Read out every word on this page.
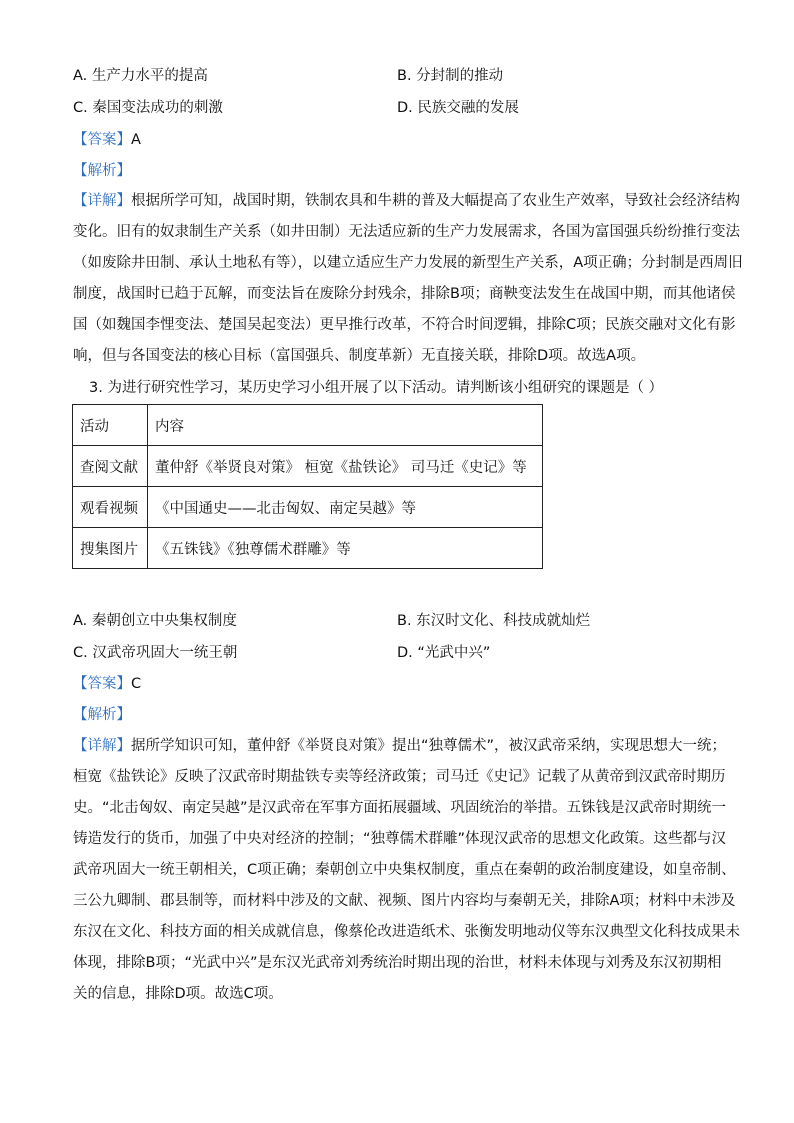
A. 生产力水平的提高	B. 分封制的推动
C. 秦国变法成功的刺激	D. 民族交融的发展
【答案】A
【解析】
【详解】根据所学可知，战国时期，铁制农具和牛耕的普及大幅提高了农业生产效率，导致社会经济结构
变化。旧有的奴隶制生产关系（如井田制）无法适应新的生产力发展需求，各国为富国强兵纷纷推行变法
（如废除井田制、承认土地私有等），以建立适应生产力发展的新型生产关系，A项正确；分封制是西周旧
制度，战国时已趋于瓦解，而变法旨在废除分封残余，排除B项；商鞅变法发生在战国中期，而其他诸侯
国（如魏国李悝变法、楚国吴起变法）更早推行改革，不符合时间逻辑，排除C项；民族交融对文化有影
响，但与各国变法的核心目标（富国强兵、制度革新）无直接关联，排除D项。故选A项。
3. 为进行研究性学习，某历史学习小组开展了以下活动。请判断该小组研究的课题是（ ）
活动	内容
查阅文献	董仲舒《举贤良对策》 桓宽《盐铁论》 司马迁《史记》等
观看视频	《中国通史——北击匈奴、南定吴越》等
搜集图片	《五铢钱》《独尊儒术群雕》等
A. 秦朝创立中央集权制度	B. 东汉时文化、科技成就灿烂
C. 汉武帝巩固大一统王朝	D. “光武中兴”
【答案】C
【解析】
【详解】据所学知识可知，董仲舒《举贤良对策》提出“独尊儒术”，被汉武帝采纳，实现思想大一统；
桓宽《盐铁论》反映了汉武帝时期盐铁专卖等经济政策；司马迁《史记》记载了从黄帝到汉武帝时期历
史。“北击匈奴、南定吴越”是汉武帝在军事方面拓展疆域、巩固统治的举措。五铢钱是汉武帝时期统一
铸造发行的货币，加强了中央对经济的控制；“独尊儒术群雕”体现汉武帝的思想文化政策。这些都与汉
武帝巩固大一统王朝相关，C项正确；秦朝创立中央集权制度，重点在秦朝的政治制度建设，如皇帝制、
三公九卿制、郡县制等，而材料中涉及的文献、视频、图片内容均与秦朝无关，排除A项；材料中未涉及
东汉在文化、科技方面的相关成就信息，像蔡伦改进造纸术、张衡发明地动仪等东汉典型文化科技成果未
体现，排除B项；“光武中兴”是东汉光武帝刘秀统治时期出现的治世，材料未体现与刘秀及东汉初期相
关的信息，排除D项。故选C项。
